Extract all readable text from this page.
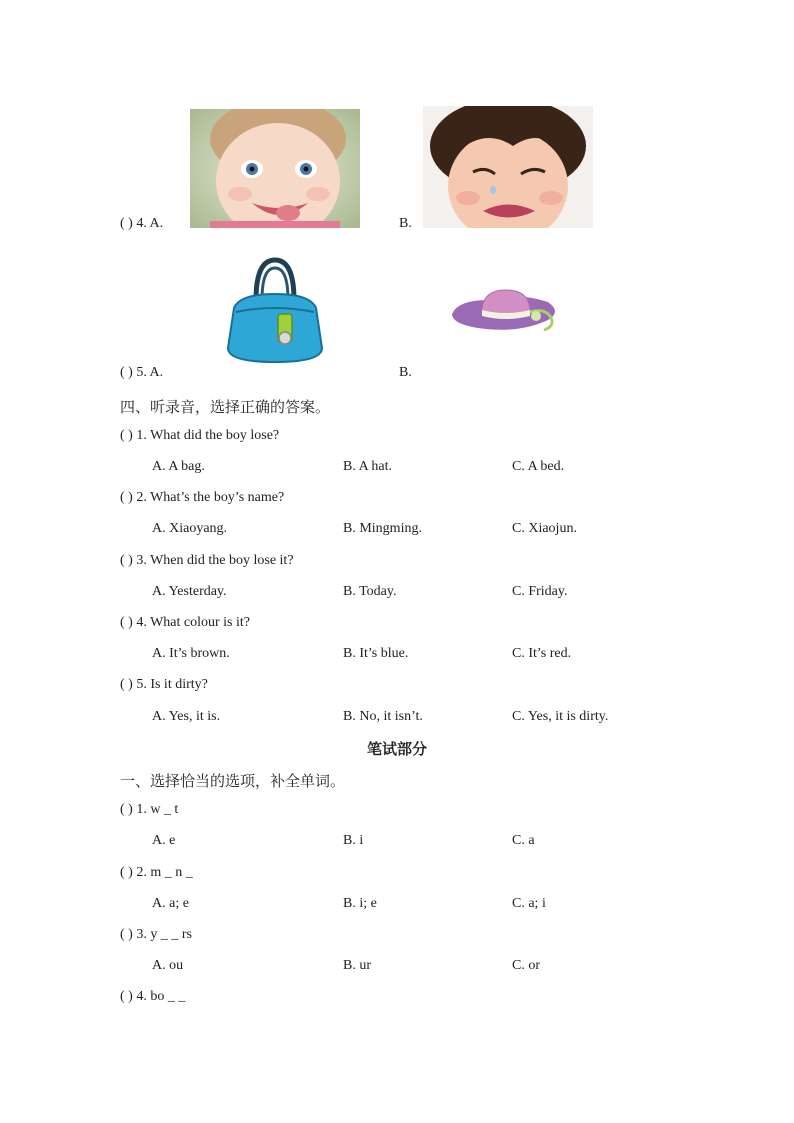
( ) 4. A.	B.
( ) 5. A.	B.
四、听录音，选择正确的答案。
( ) 1. What did the boy lose?
A. A bag.	B. A hat.	C. A bed.
( ) 2. What’s the boy’s name?
A. Xiaoyang.	B. Mingming.	C. Xiaojun.
( ) 3. When did the boy lose it?
A. Yesterday.	B. Today.	C. Friday.
( ) 4. What colour is it?
A. It’s brown.	B. It’s blue.	C. It’s red.
( ) 5. Is it dirty?
A. Yes, it is.	B. No, it isn’t.	C. Yes, it is dirty.
笔试部分
一、选择恰当的选项，补全单词。
( ) 1. w _ t
A. e	B. i	C. a
( ) 2. m _ n _
A. a; e	B. i; e	C. a; i
( ) 3. y _ _ rs
A. ou	B. ur	C. or
( ) 4. bo _ _
